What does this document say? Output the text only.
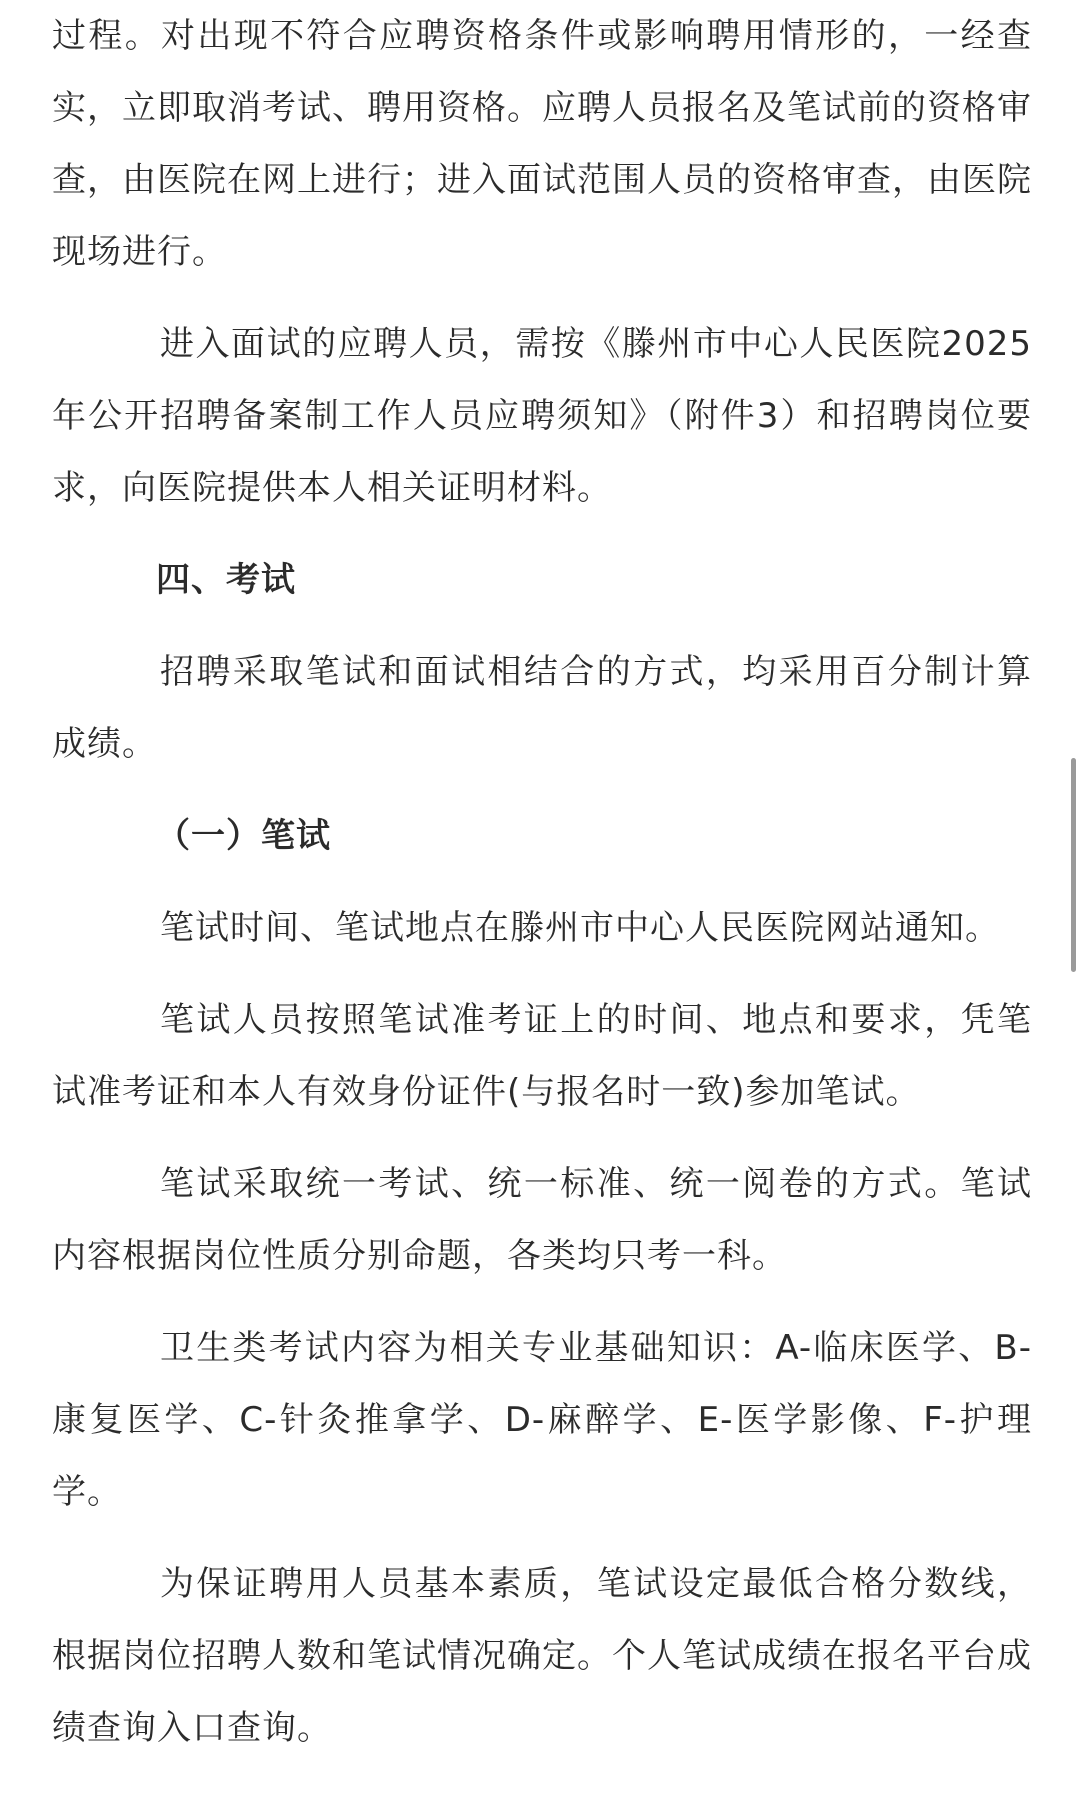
过程。对出现不符合应聘资格条件或影响聘用情形的，一经查实，立即取消考试、聘用资格。应聘人员报名及笔试前的资格审查，由医院在网上进行；进入面试范围人员的资格审查，由医院现场进行。

进入面试的应聘人员，需按《滕州市中心人民医院2025年公开招聘备案制工作人员应聘须知》（附件3）和招聘岗位要求，向医院提供本人相关证明材料。

四、考试

招聘采取笔试和面试相结合的方式，均采用百分制计算成绩。

（一）笔试

笔试时间、笔试地点在滕州市中心人民医院网站通知。

笔试人员按照笔试准考证上的时间、地点和要求，凭笔试准考证和本人有效身份证件(与报名时一致)参加笔试。

笔试采取统一考试、统一标准、统一阅卷的方式。笔试内容根据岗位性质分别命题，各类均只考一科。

卫生类考试内容为相关专业基础知识：A-临床医学、B-康复医学、C-针灸推拿学、D-麻醉学、E-医学影像、F-护理学。

为保证聘用人员基本素质，笔试设定最低合格分数线，根据岗位招聘人数和笔试情况确定。个人笔试成绩在报名平台成绩查询入口查询。
